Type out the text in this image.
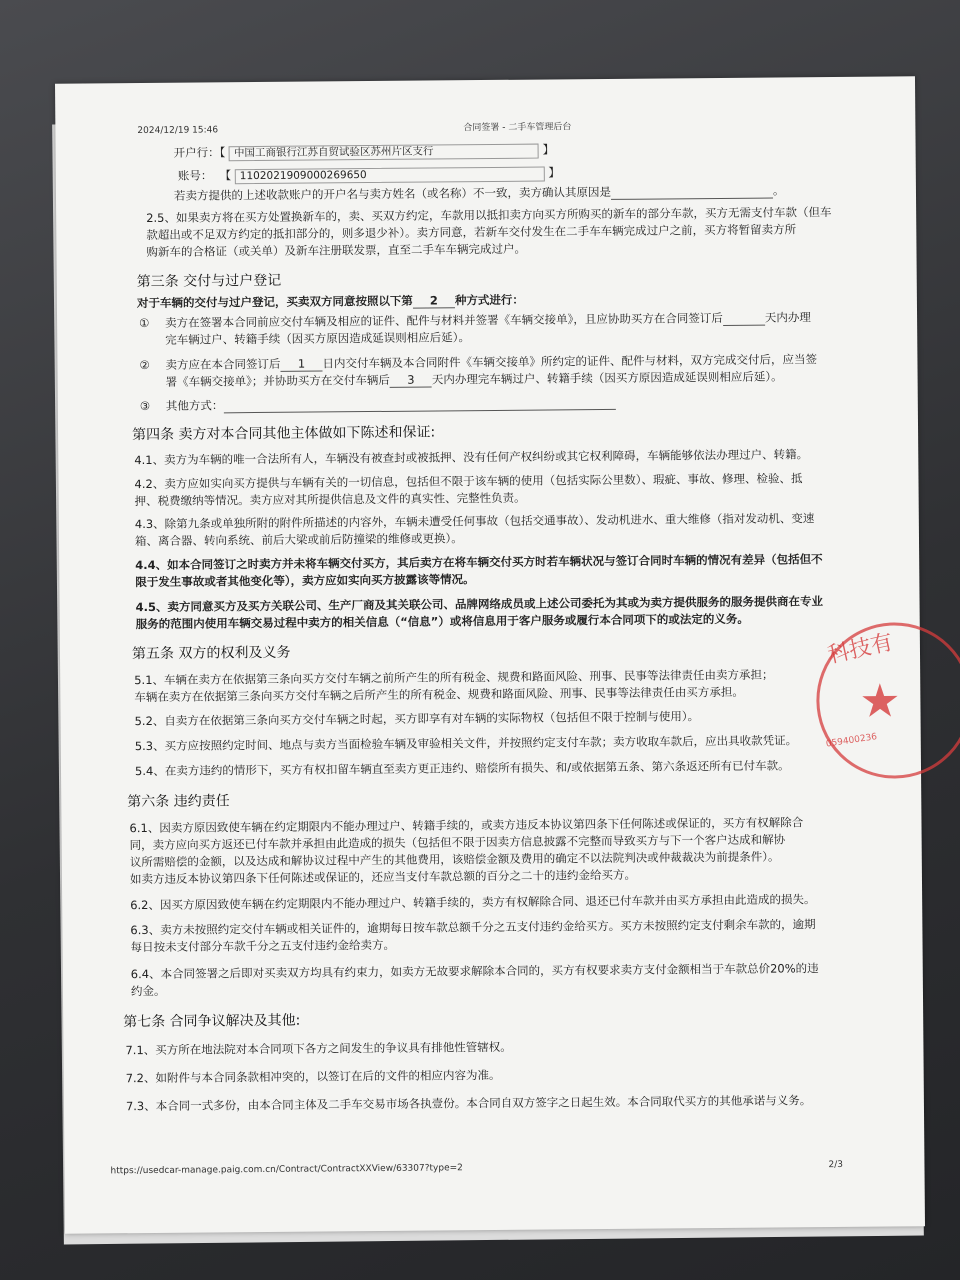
2024/12/19 15:46	合同签署 - 二手车管理后台
开户行：【 中国工商银行江苏自贸试验区苏州片区支行	】
账号：  【 1102021909000269650	】
若卖方提供的上述收款账户的开户名与卖方姓名（或名称）不一致，卖方确认其原因是	。
2.5、如果卖方将在买方处置换新车的，卖、买双方约定，车款用以抵扣卖方向买方所购买的新车的部分车款，买方无需支付车款（但车
款超出或不足双方约定的抵扣部分的，则多退少补）。卖方同意，若新车交付发生在二手车车辆完成过户之前，买方将暂留卖方所
购新车的合格证（或关单）及新车注册联发票，直至二手车车辆完成过户。
第三条 交付与过户登记
对于车辆的交付与过户登记，买卖双方同意按照以下第 2 种方式进行：
① 卖方在签署本合同前应交付车辆及相应的证件、配件与材料并签署《车辆交接单》，且应协助买方在合同签订后	天内办理
完车辆过户、转籍手续（因买方原因造成延误则相应后延）。
② 卖方应在本合同签订后 1 日内交付车辆及本合同附件《车辆交接单》所约定的证件、配件与材料，双方完成交付后，应当签
署《车辆交接单》；并协助买方在交付车辆后 3 天内办理完车辆过户、转籍手续（因买方原因造成延误则相应后延）。
③ 其他方式：
第四条 卖方对本合同其他主体做如下陈述和保证:
4.1、卖方为车辆的唯一合法所有人，车辆没有被查封或被抵押、没有任何产权纠纷或其它权利障碍，车辆能够依法办理过户、转籍。
4.2、卖方应如实向买方提供与车辆有关的一切信息，包括但不限于该车辆的使用（包括实际公里数）、瑕疵、事故、修理、检验、抵
押、税费缴纳等情况。卖方应对其所提供信息及文件的真实性、完整性负责。
4.3、除第九条或单独所附的附件所描述的内容外，车辆未遭受任何事故（包括交通事故）、发动机进水、重大维修（指对发动机、变速
箱、离合器、转向系统、前后大梁或前后防撞梁的维修或更换）。
4.4、如本合同签订之时卖方并未将车辆交付买方，其后卖方在将车辆交付买方时若车辆状况与签订合同时车辆的情况有差异（包括但不
限于发生事故或者其他变化等），卖方应如实向买方披露该等情况。
4.5、卖方同意买方及买方关联公司、生产厂商及其关联公司、品牌网络成员或上述公司委托为其或为卖方提供服务的服务提供商在专业
服务的范围内使用车辆交易过程中卖方的相关信息（“信息”）或将信息用于客户服务或履行本合同项下的或法定的义务。
第五条 双方的权利及义务
5.1、车辆在卖方在依据第三条向买方交付车辆之前所产生的所有税金、规费和路面风险、刑事、民事等法律责任由卖方承担；
车辆在卖方在依据第三条向买方交付车辆之后所产生的所有税金、规费和路面风险、刑事、民事等法律责任由买方承担。
5.2、自卖方在依据第三条向买方交付车辆之时起，买方即享有对车辆的实际物权（包括但不限于控制与使用）。
5.3、买方应按照约定时间、地点与卖方当面检验车辆及审验相关文件，并按照约定支付车款；卖方收取车款后，应出具收款凭证。
5.4、在卖方违约的情形下，买方有权扣留车辆直至卖方更正违约、赔偿所有损失、和/或依据第五条、第六条返还所有已付车款。
第六条 违约责任
6.1、因卖方原因致使车辆在约定期限内不能办理过户、转籍手续的，或卖方违反本协议第四条下任何陈述或保证的，买方有权解除合
同，卖方应向买方返还已付车款并承担由此造成的损失（包括但不限于因卖方信息披露不完整而导致买方与下一个客户达成和解协
议所需赔偿的金额，以及达成和解协议过程中产生的其他费用，该赔偿金额及费用的确定不以法院判决或仲裁裁决为前提条件）。
如卖方违反本协议第四条下任何陈述或保证的，还应当支付车款总额的百分之二十的违约金给买方。
6.2、因买方原因致使车辆在约定期限内不能办理过户、转籍手续的，卖方有权解除合同、退还已付车款并由买方承担由此造成的损失。
6.3、卖方未按照约定交付车辆或相关证件的，逾期每日按车款总额千分之五支付违约金给买方。买方未按照约定支付剩余车款的，逾期
每日按未支付部分车款千分之五支付违约金给卖方。
6.4、本合同签署之后即对买卖双方均具有约束力，如卖方无故要求解除本合同的，买方有权要求卖方支付金额相当于车款总价20%的违
约金。
第七条 合同争议解决及其他:
7.1、买方所在地法院对本合同项下各方之间发生的争议具有排他性管辖权。
7.2、如附件与本合同条款相冲突的，以签订在后的文件的相应内容为准。
7.3、本合同一式多份，由本合同主体及二手车交易市场各执壹份。本合同自双方签字之日起生效。本合同取代买方的其他承诺与义务。
https://usedcar-manage.paig.com.cn/Contract/ContractXXView/63307?type=2	2/3
科技有
★
059400236
